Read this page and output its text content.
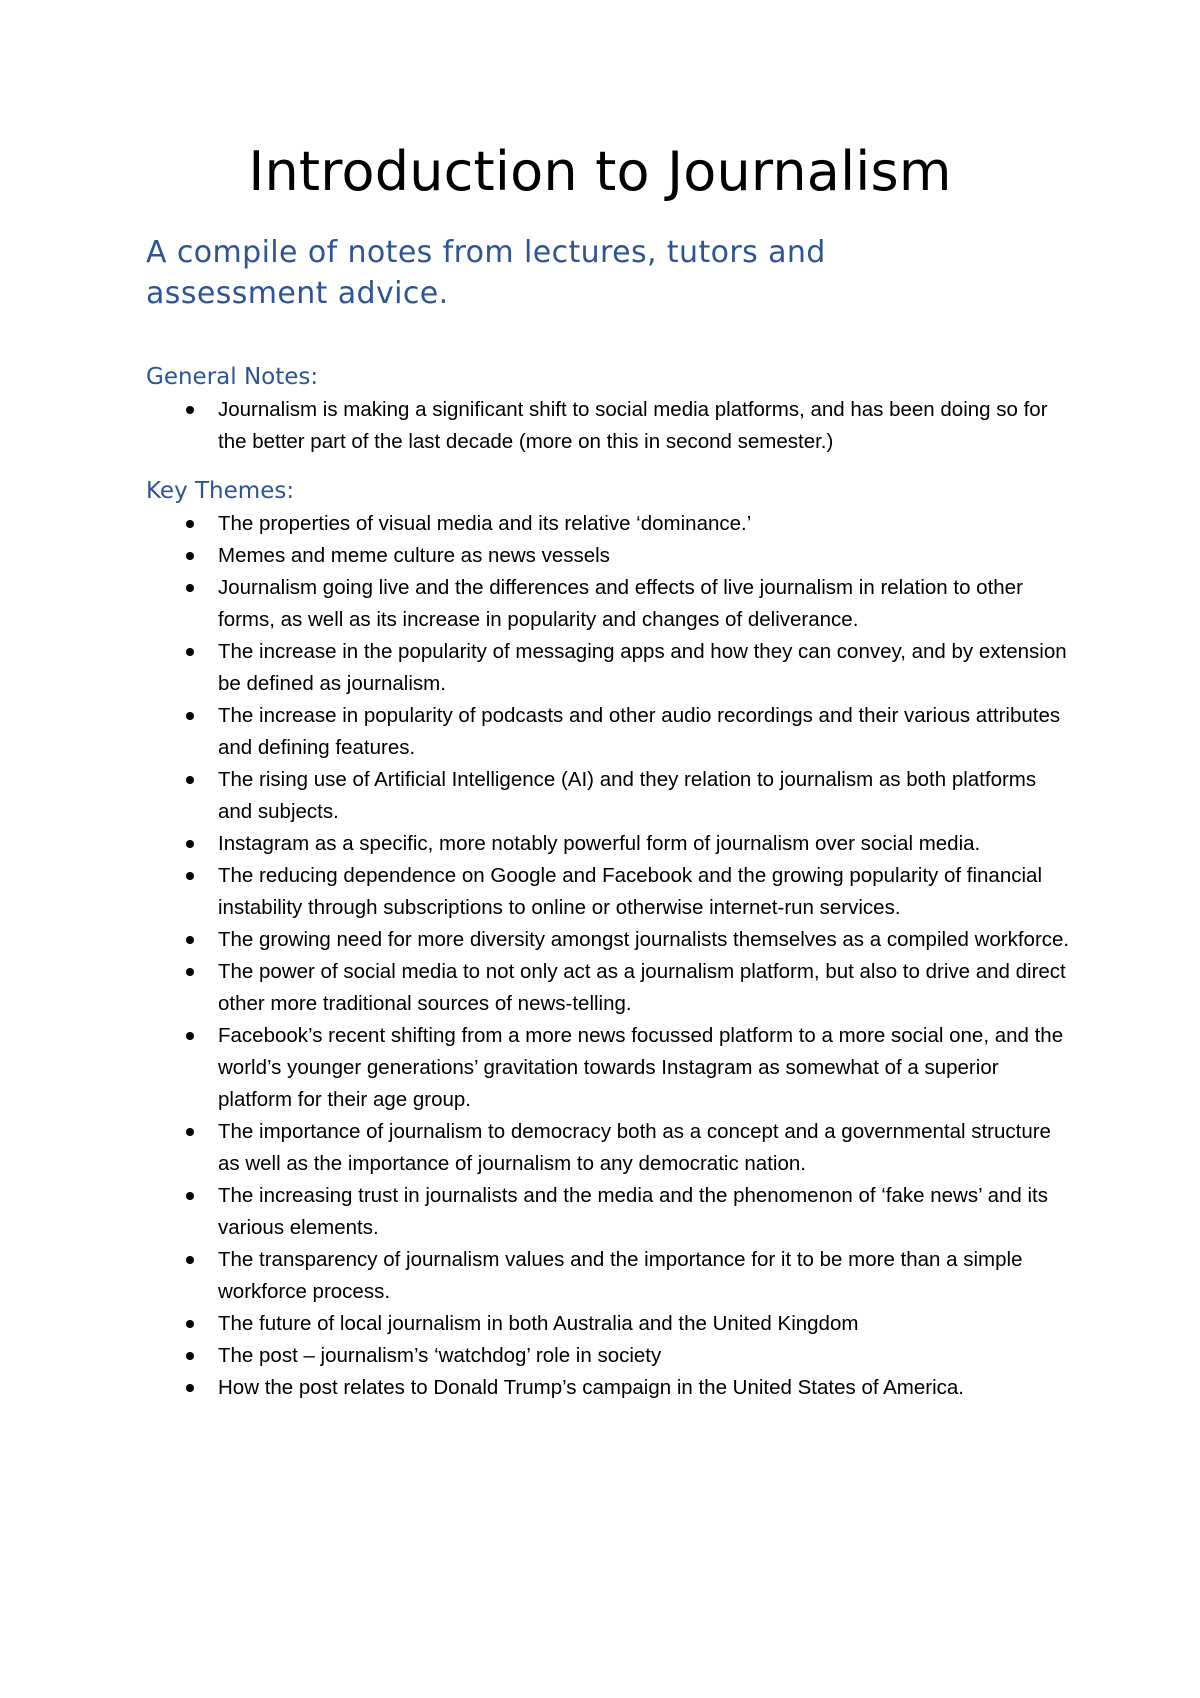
Introduction to Journalism

A compile of notes from lectures, tutors and assessment advice.

General Notes:
Journalism is making a significant shift to social media platforms, and has been doing so for the better part of the last decade (more on this in second semester.)
Key Themes:
The properties of visual media and its relative ‘dominance.’
Memes and meme culture as news vessels
Journalism going live and the differences and effects of live journalism in relation to other forms, as well as its increase in popularity and changes of deliverance.
The increase in the popularity of messaging apps and how they can convey, and by extension be defined as journalism.
The increase in popularity of podcasts and other audio recordings and their various attributes and defining features.
The rising use of Artificial Intelligence (AI) and they relation to journalism as both platforms and subjects.
Instagram as a specific, more notably powerful form of journalism over social media.
The reducing dependence on Google and Facebook and the growing popularity of financial instability through subscriptions to online or otherwise internet-run services.
The growing need for more diversity amongst journalists themselves as a compiled workforce.
The power of social media to not only act as a journalism platform, but also to drive and direct other more traditional sources of news-telling.
Facebook’s recent shifting from a more news focussed platform to a more social one, and the world’s younger generations’ gravitation towards Instagram as somewhat of a superior platform for their age group.
The importance of journalism to democracy both as a concept and a governmental structure as well as the importance of journalism to any democratic nation.
The increasing trust in journalists and the media and the phenomenon of ‘fake news’ and its various elements.
The transparency of journalism values and the importance for it to be more than a simple workforce process.
The future of local journalism in both Australia and the United Kingdom
The post – journalism’s ‘watchdog’ role in society
How the post relates to Donald Trump’s campaign in the United States of America.
